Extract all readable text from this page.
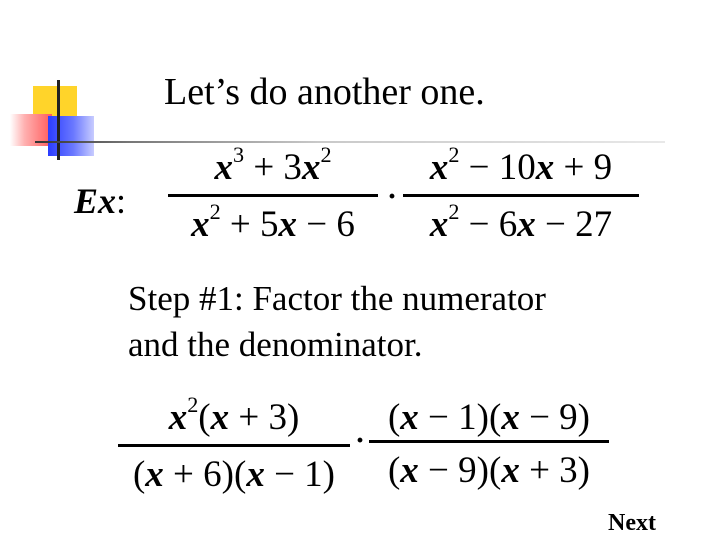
Let’s do another one.
Ex: $\frac{x^3 + 3x^2}{x^2 + 5x - 6} \cdot \frac{x^2 - 10x + 9}{x^2 - 6x - 27}$
Step #1: Factor the numerator
and the denominator.
$\frac{x^2(x + 3)}{(x + 6)(x - 1)} \cdot \frac{(x - 1)(x - 9)}{(x - 9)(x + 3)}$
Next
